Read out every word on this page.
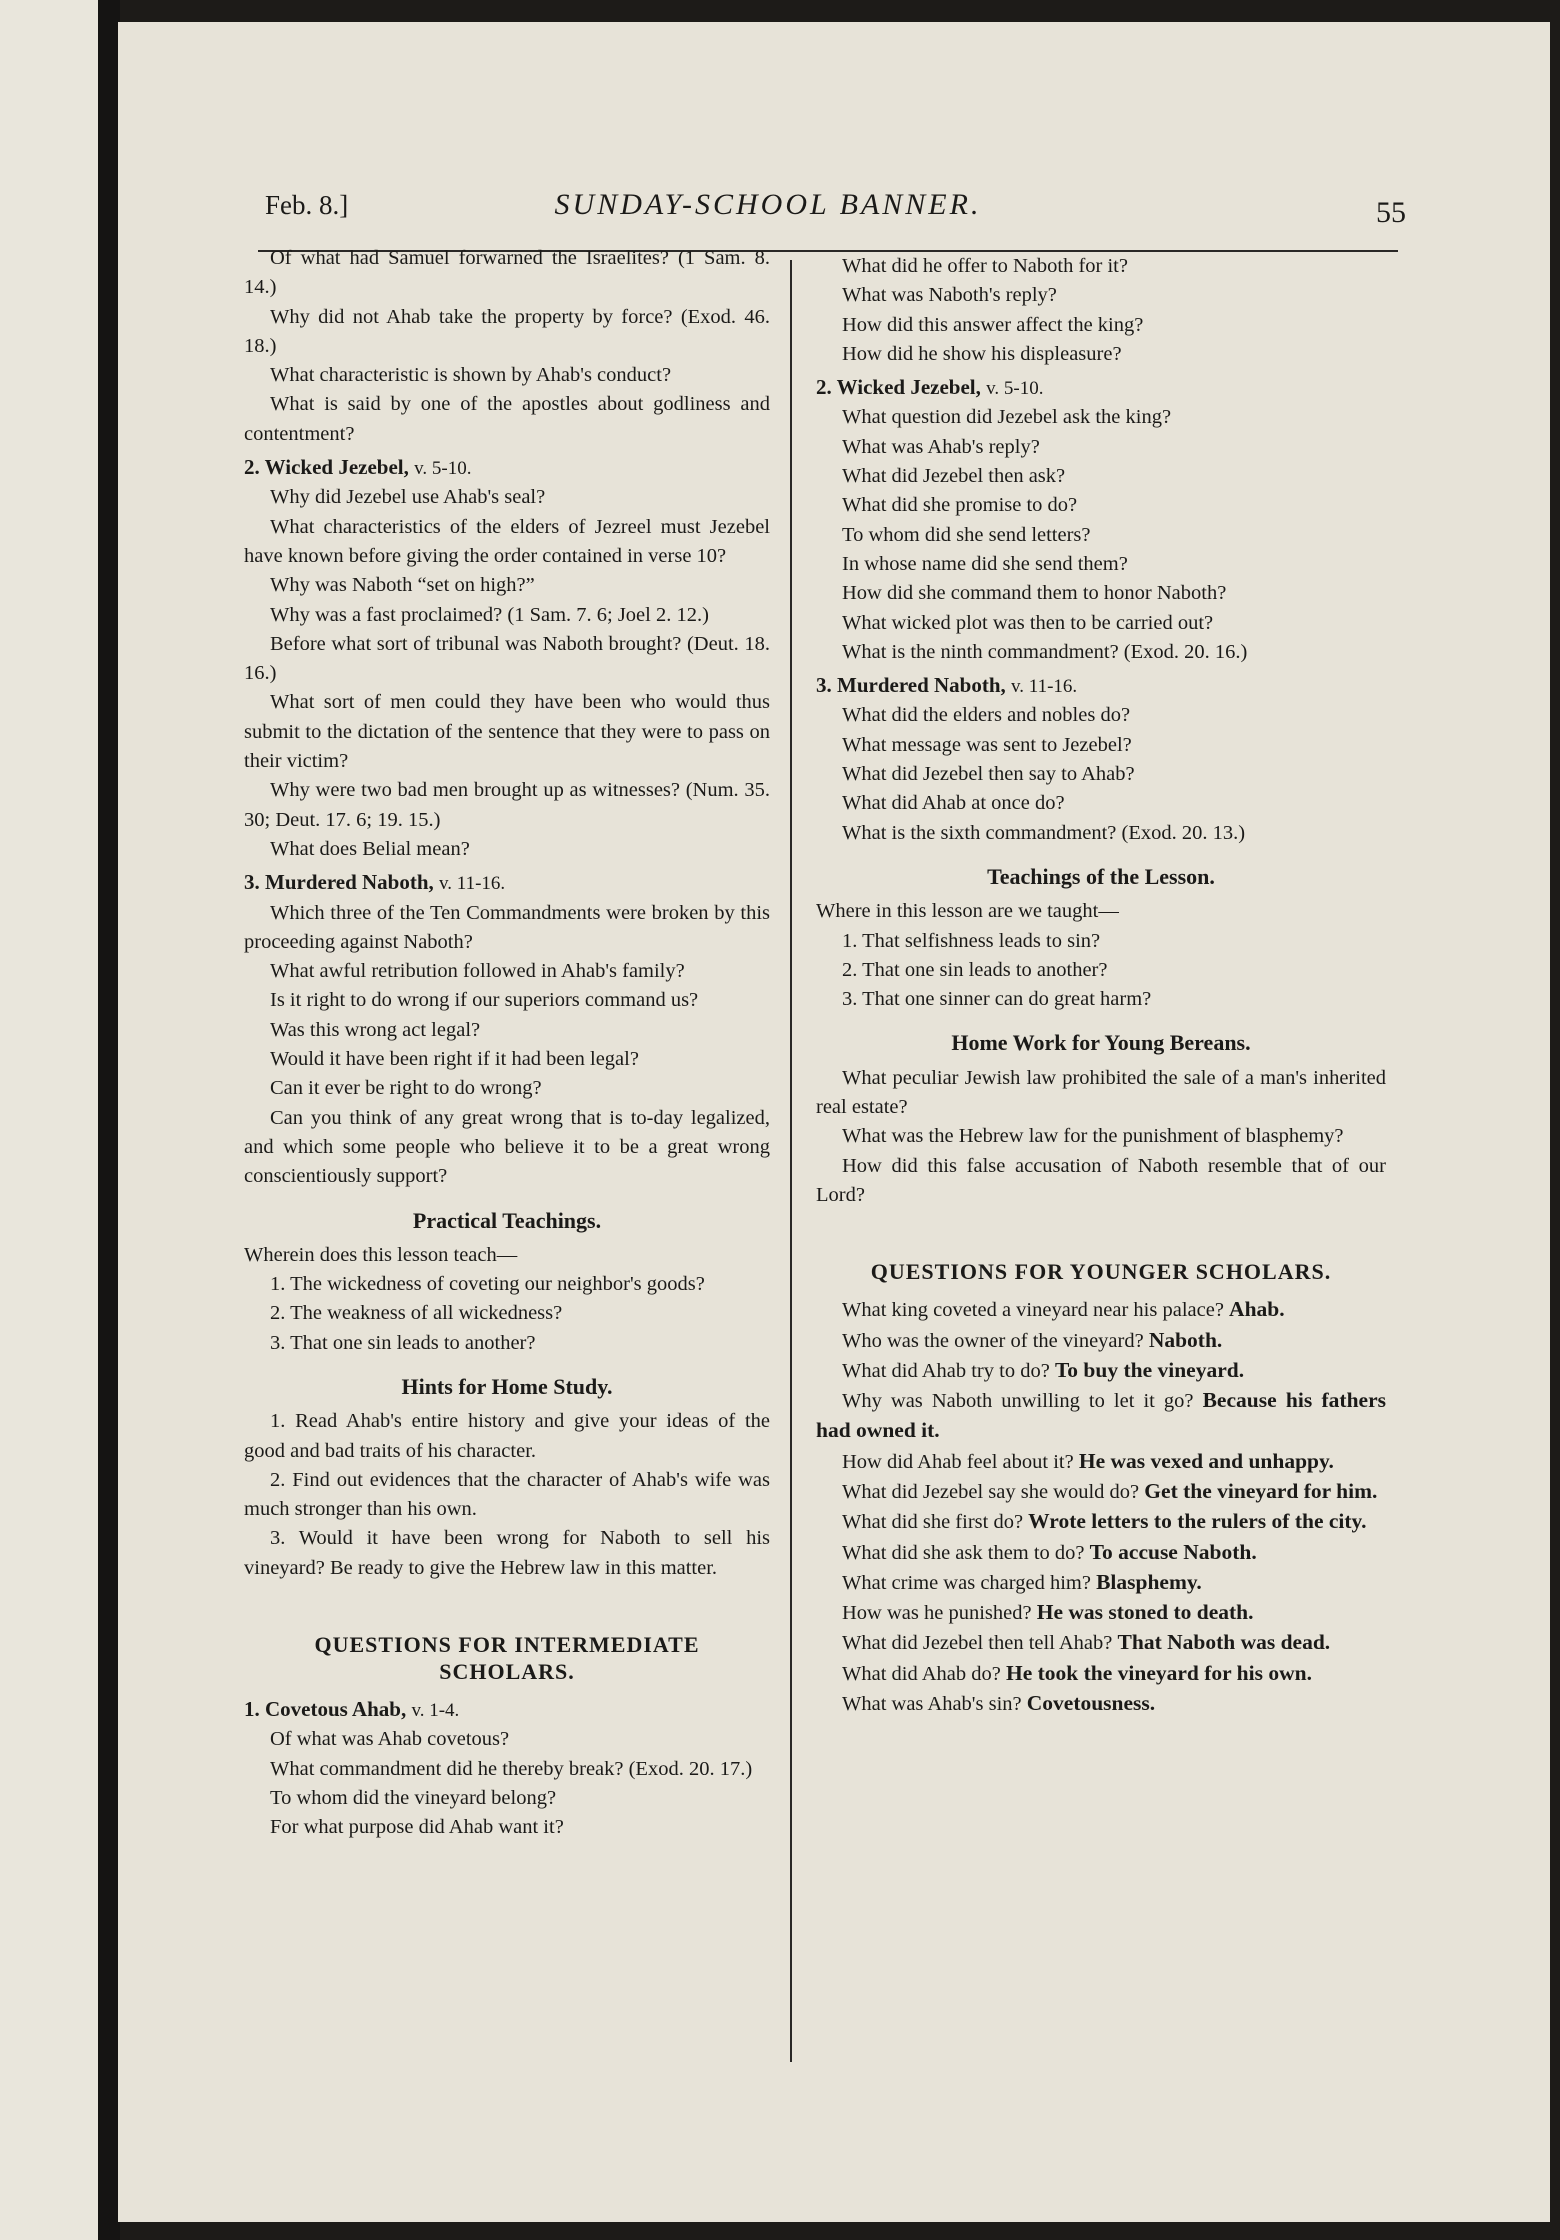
Feb. 8.]	SUNDAY-SCHOOL BANNER.	55

Of what had Samuel forwarned the Israelites? (1 Sam. 8. 14.)

Why did not Ahab take the property by force? (Exod. 46. 18.)

What characteristic is shown by Ahab's conduct?

What is said by one of the apostles about godliness and contentment?

2. Wicked Jezebel, v. 5-10.

Why did Jezebel use Ahab's seal?

What characteristics of the elders of Jezreel must Jezebel have known before giving the order contained in verse 10?

Why was Naboth “set on high?”

Why was a fast proclaimed? (1 Sam. 7. 6; Joel 2. 12.)

Before what sort of tribunal was Naboth brought? (Deut. 18. 16.)

What sort of men could they have been who would thus submit to the dictation of the sentence that they were to pass on their victim?

Why were two bad men brought up as witnesses? (Num. 35. 30; Deut. 17. 6; 19. 15.)

What does Belial mean?

3. Murdered Naboth, v. 11-16.

Which three of the Ten Commandments were broken by this proceeding against Naboth?

What awful retribution followed in Ahab's family?

Is it right to do wrong if our superiors command us?

Was this wrong act legal?

Would it have been right if it had been legal?

Can it ever be right to do wrong?

Can you think of any great wrong that is to-day legalized, and which some people who believe it to be a great wrong conscientiously support?

Practical Teachings.

Wherein does this lesson teach—

1. The wickedness of coveting our neighbor's goods?

2. The weakness of all wickedness?

3. That one sin leads to another?

Hints for Home Study.

1. Read Ahab's entire history and give your ideas of the good and bad traits of his character.

2. Find out evidences that the character of Ahab's wife was much stronger than his own.

3. Would it have been wrong for Naboth to sell his vineyard? Be ready to give the Hebrew law in this matter.

QUESTIONS FOR INTERMEDIATE SCHOLARS.
1. Covetous Ahab, v. 1-4.

Of what was Ahab covetous?

What commandment did he thereby break? (Exod. 20. 17.)

To whom did the vineyard belong?

For what purpose did Ahab want it?

What did he offer to Naboth for it?

What was Naboth's reply?

How did this answer affect the king?

How did he show his displeasure?

2. Wicked Jezebel, v. 5-10.

What question did Jezebel ask the king?

What was Ahab's reply?

What did Jezebel then ask?

What did she promise to do?

To whom did she send letters?

In whose name did she send them?

How did she command them to honor Naboth?

What wicked plot was then to be carried out?

What is the ninth commandment? (Exod. 20. 16.)

3. Murdered Naboth, v. 11-16.

What did the elders and nobles do?

What message was sent to Jezebel?

What did Jezebel then say to Ahab?

What did Ahab at once do?

What is the sixth commandment? (Exod. 20. 13.)

Teachings of the Lesson.

Where in this lesson are we taught—

1. That selfishness leads to sin?

2. That one sin leads to another?

3. That one sinner can do great harm?

Home Work for Young Bereans.

What peculiar Jewish law prohibited the sale of a man's inherited real estate?

What was the Hebrew law for the punishment of blasphemy?

How did this false accusation of Naboth resemble that of our Lord?

QUESTIONS FOR YOUNGER SCHOLARS.

What king coveted a vineyard near his palace? Ahab.

Who was the owner of the vineyard? Naboth.

What did Ahab try to do? To buy the vineyard.

Why was Naboth unwilling to let it go? Because his fathers had owned it.

How did Ahab feel about it? He was vexed and unhappy.

What did Jezebel say she would do? Get the vineyard for him.

What did she first do? Wrote letters to the rulers of the city.

What did she ask them to do? To accuse Naboth.

What crime was charged him? Blasphemy.

How was he punished? He was stoned to death.

What did Jezebel then tell Ahab? That Naboth was dead.

What did Ahab do? He took the vineyard for his own.

What was Ahab's sin? Covetousness.
